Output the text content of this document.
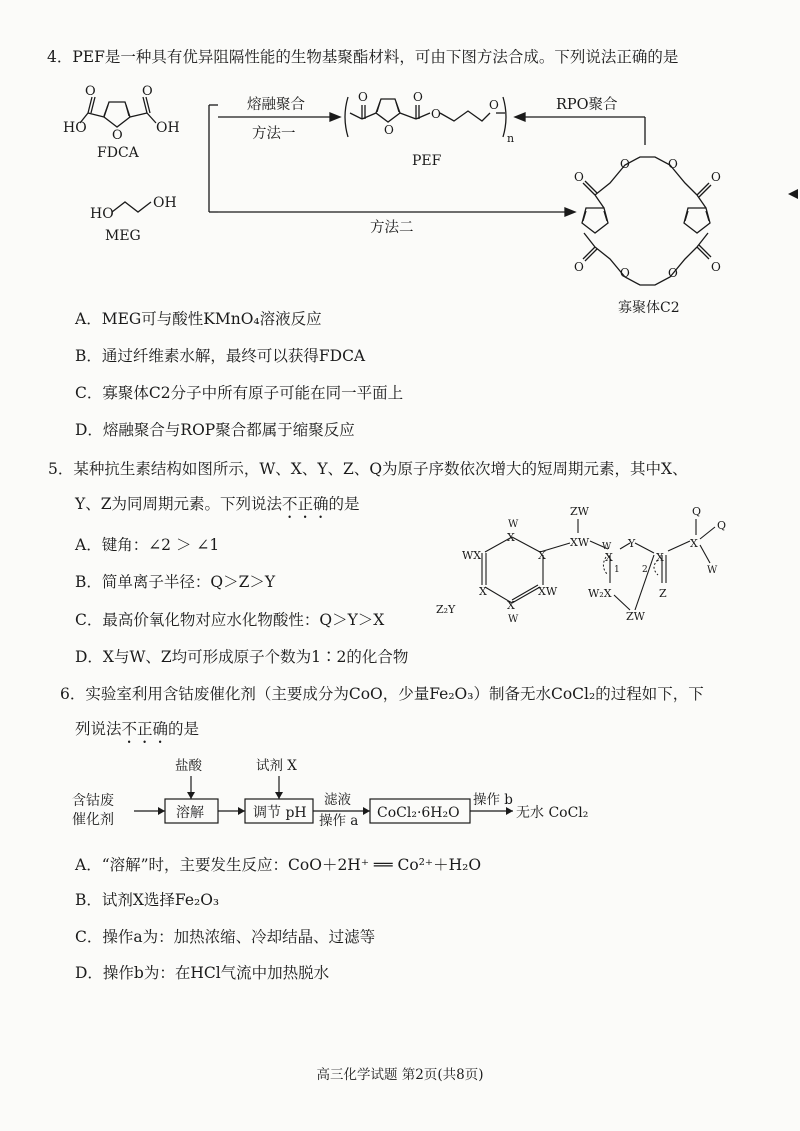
4．PEF是一种具有优异阻隔性能的生物基聚酯材料，可由下图方法合成。下列说法正确的是
HO	OH
O	O
O
FDCA
HO
OH
MEG
熔融聚合
方法一
方法二
O
O
O
O
O
n
PEF
RPO聚合
O
O	O
O
O	O	O	O
寡聚体C2
A．MEG可与酸性KMnO₄溶液反应
B．通过纤维素水解，最终可以获得FDCA
C．寡聚体C2分子中所有原子可能在同一平面上
D．熔融聚合与ROP聚合都属于缩聚反应
5．某种抗生素结构如图所示，W、X、Y、Z、Q为原子序数依次增大的短周期元素，其中X、
Y、Z为同周期元素。下列说法不正确的是
A．键角：∠2 ＞ ∠1
B．简单离子半径：Q＞Z＞Y
C．最高价氧化物对应水化物酸性：Q＞Y＞X
D．X与W、Z均可形成原子个数为1∶2的化合物
W
X
WX	X
X	XW
Z₂Y	X
W
ZW
XW W
X
Y
X
1 2
W₂X	Z
ZW
X
Q
Q
W
6．实验室利用含钴废催化剂（主要成分为CoO，少量Fe₂O₃）制备无水CoCl₂的过程如下，下
列说法不正确的是
含钴废
催化剂
盐酸
溶解
试剂 X
调节 pH
滤液
操作 a CoCl₂·6H₂O
操作 b
无水 CoCl₂
A．“溶解”时，主要发生反应：CoO＋2H⁺ ══ Co²⁺＋H₂O
B．试剂X选择Fe₂O₃
C．操作a为：加热浓缩、冷却结晶、过滤等
D．操作b为：在HCl气流中加热脱水
高三化学试题 第2页(共8页)
